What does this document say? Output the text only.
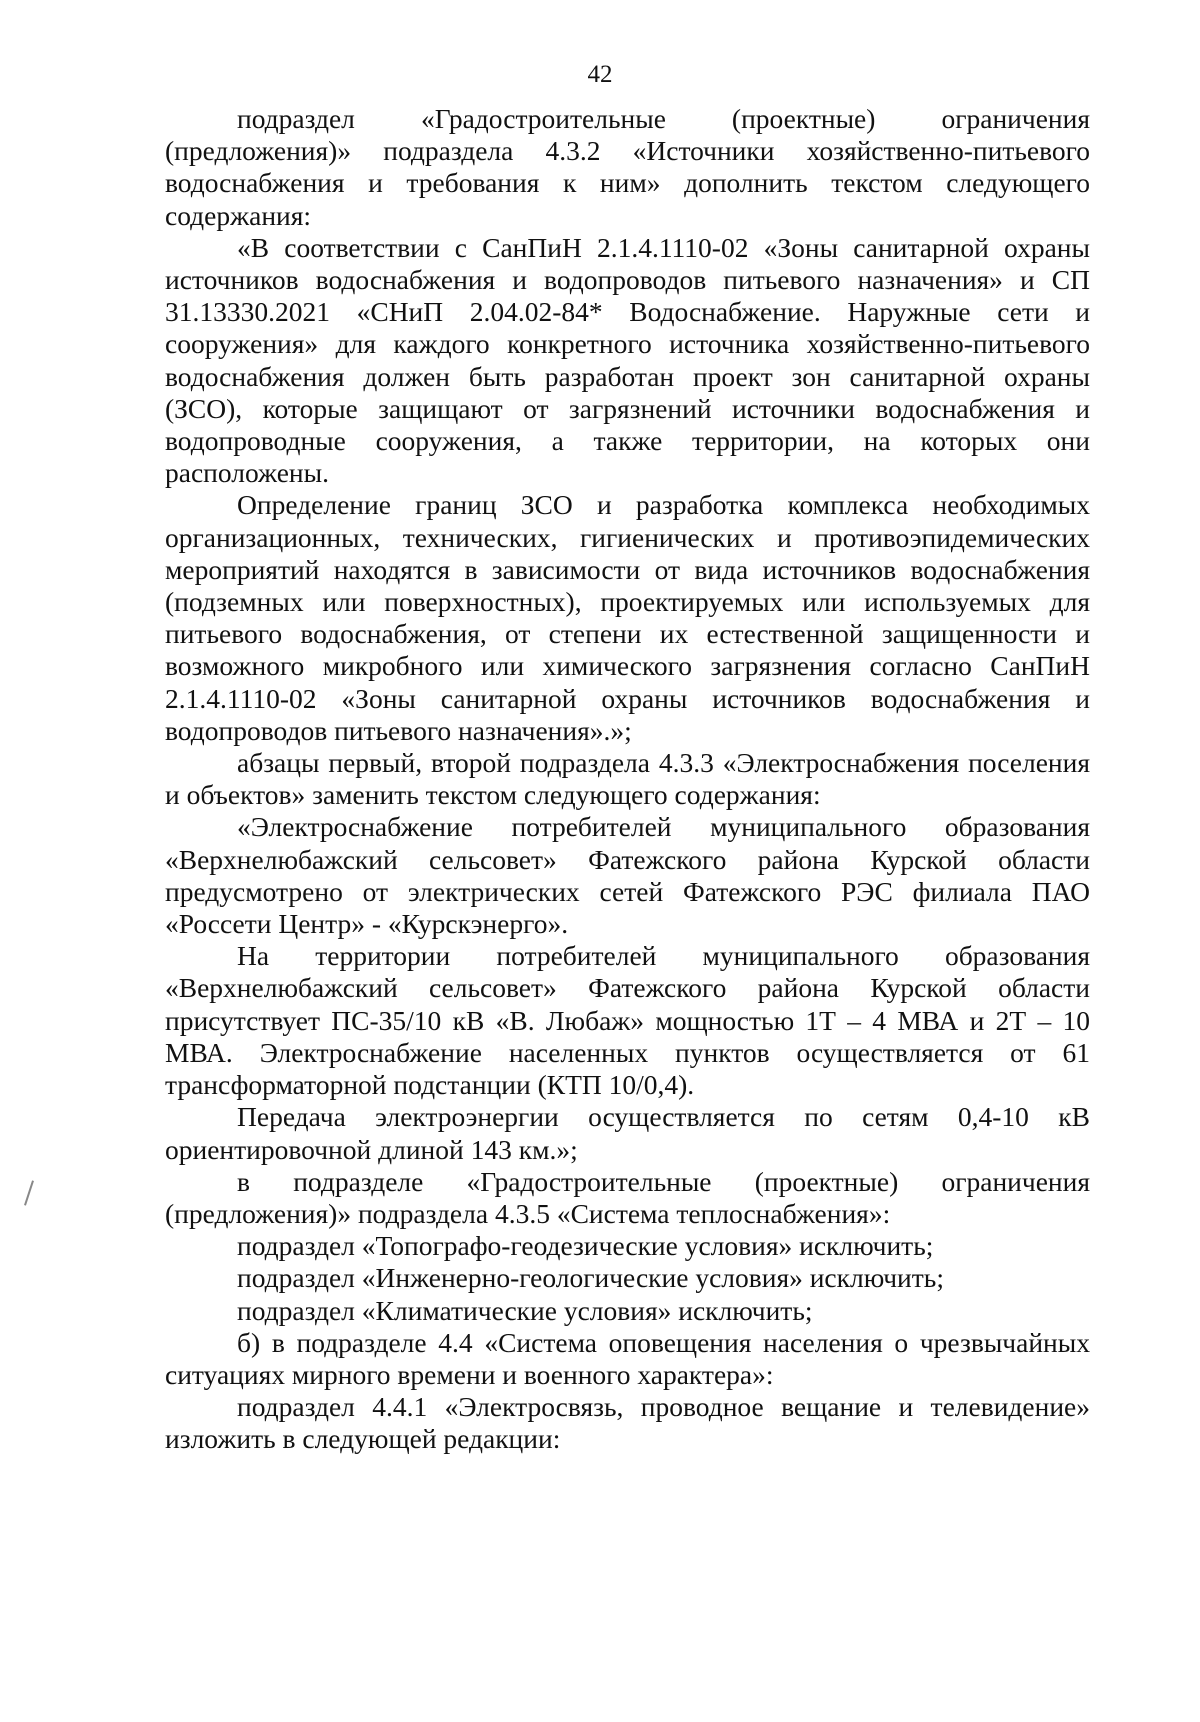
42

подраздел «Градостроительные (проектные) ограничения (предложения)» подраздела 4.3.2 «Источники хозяйственно-питьевого водоснабжения и требования к ним» дополнить текстом следующего содержания:

«В соответствии с СанПиН 2.1.4.1110-02 «Зоны санитарной охраны источников водоснабжения и водопроводов питьевого назначения» и СП 31.13330.2021 «СНиП 2.04.02-84* Водоснабжение. Наружные сети и сооружения» для каждого конкретного источника хозяйственно-питьевого водоснабжения должен быть разработан проект зон санитарной охраны (ЗСО), которые защищают от загрязнений источники водоснабжения и водопроводные сооружения, а также территории, на которых они расположены.

Определение границ ЗСО и разработка комплекса необходимых организационных, технических, гигиенических и противоэпидемических мероприятий находятся в зависимости от вида источников водоснабжения (подземных или поверхностных), проектируемых или используемых для питьевого водоснабжения, от степени их естественной защищенности и возможного микробного или химического загрязнения согласно СанПиН 2.1.4.1110-02 «Зоны санитарной охраны источников водоснабжения и водопроводов питьевого назначения».»;

абзацы первый, второй подраздела 4.3.3 «Электроснабжения поселения и объектов» заменить текстом следующего содержания:

«Электроснабжение потребителей муниципального образования «Верхнелюбажский сельсовет» Фатежского района Курской области предусмотрено от электрических сетей Фатежского РЭС филиала ПАО «Россети Центр» - «Курскэнерго».

На территории потребителей муниципального образования «Верхнелюбажский сельсовет» Фатежского района Курской области присутствует ПС-35/10 кВ «В. Любаж» мощностью 1Т – 4 МВА и 2Т – 10 МВА. Электроснабжение населенных пунктов осуществляется от 61 трансформаторной подстанции (КТП 10/0,4).

Передача электроэнергии осуществляется по сетям 0,4-10 кВ ориентировочной длиной 143 км.»;

в подразделе «Градостроительные (проектные) ограничения (предложения)» подраздела 4.3.5 «Система теплоснабжения»:

подраздел «Топографо-геодезические условия» исключить;

подраздел «Инженерно-геологические условия» исключить;

подраздел «Климатические условия» исключить;

б) в подразделе 4.4 «Система оповещения населения о чрезвычайных ситуациях мирного времени и военного характера»:

подраздел 4.4.1 «Электросвязь, проводное вещание и телевидение» изложить в следующей редакции:
